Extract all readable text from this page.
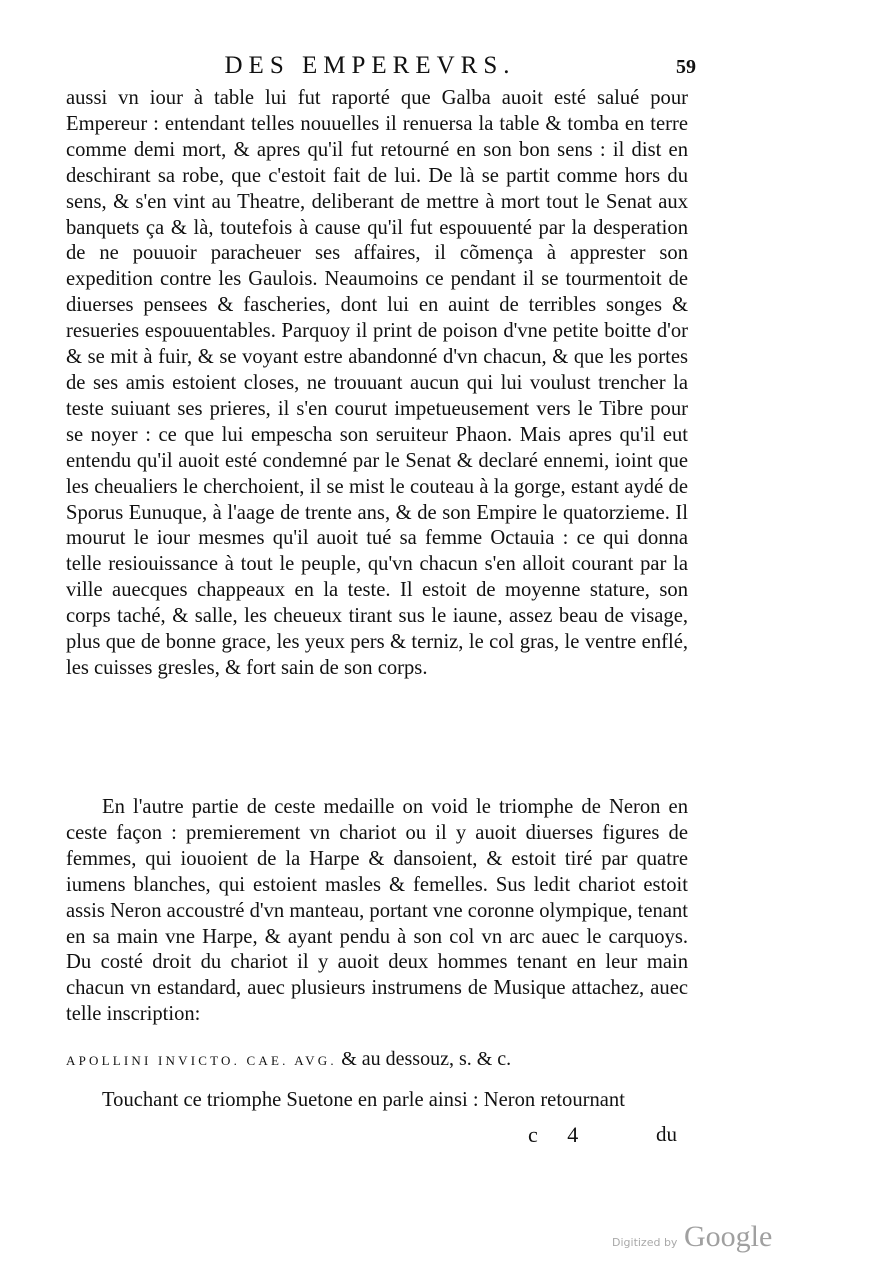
DES EMPEREVRS.	59

aussi vn iour à table lui fut raporté que Galba auoit esté salué pour Empereur : entendant telles nouuelles il renuersa la table & tomba en terre comme demi mort, & apres qu'il fut retourné en son bon sens : il dist en deschirant sa robe, que c'estoit fait de lui. De là se partit comme hors du sens, & s'en vint au Theatre, deliberant de mettre à mort tout le Senat aux banquets ça & là, toutefois à cause qu'il fut espouuenté par la desperation de ne pouuoir paracheuer ses affaires, il cõmença à apprester son expedition contre les Gaulois. Neaumoins ce pendant il se tourmentoit de diuerses pensees & fascheries, dont lui en auint de terribles songes & resueries espouuentables. Parquoy il print de poison d'vne petite boitte d'or & se mit à fuir, & se voyant estre abandonné d'vn chacun, & que les portes de ses amis estoient closes, ne trouuant aucun qui lui voulust trencher la teste suiuant ses prieres, il s'en courut impetueusement vers le Tibre pour se noyer : ce que lui empescha son seruiteur Phaon. Mais apres qu'il eut entendu qu'il auoit esté condemné par le Senat & declaré ennemi, ioint que les cheualiers le cherchoient, il se mist le couteau à la gorge, estant aydé de Sporus Eunuque, à l'aage de trente ans, & de son Empire le quatorzieme. Il mourut le iour mesmes qu'il auoit tué sa femme Octauia : ce qui donna telle resiouissance à tout le peuple, qu'vn chacun s'en alloit courant par la ville auecques chappeaux en la teste. Il estoit de moyenne stature, son corps taché, & salle, les cheueux tirant sus le iaune, assez beau de visage, plus que de bonne grace, les yeux pers & terniz, le col gras, le ventre enflé, les cuisses gresles, & fort sain de son corps.

En l'autre partie de ceste medaille on void le triomphe de Neron en ceste façon : premierement vn chariot ou il y auoit diuerses figures de femmes, qui iouoient de la Harpe & dansoient, & estoit tiré par quatre iumens blanches, qui estoient masles & femelles. Sus ledit chariot estoit assis Neron accoustré d'vn manteau, portant vne coronne olympique, tenant en sa main vne Harpe, & ayant pendu à son col vn arc auec le carquoys. Du costé droit du chariot il y auoit deux hommes tenant en leur main chacun vn estandard, auec plusieurs instrumens de Musique attachez, auec telle inscription:

APOLLINI INVICTO. CAE. AVG. & au dessouz, s. & c.

Touchant ce triomphe Suetone en parle ainsi : Neron retournant

c 4	du
Digitized by Google
